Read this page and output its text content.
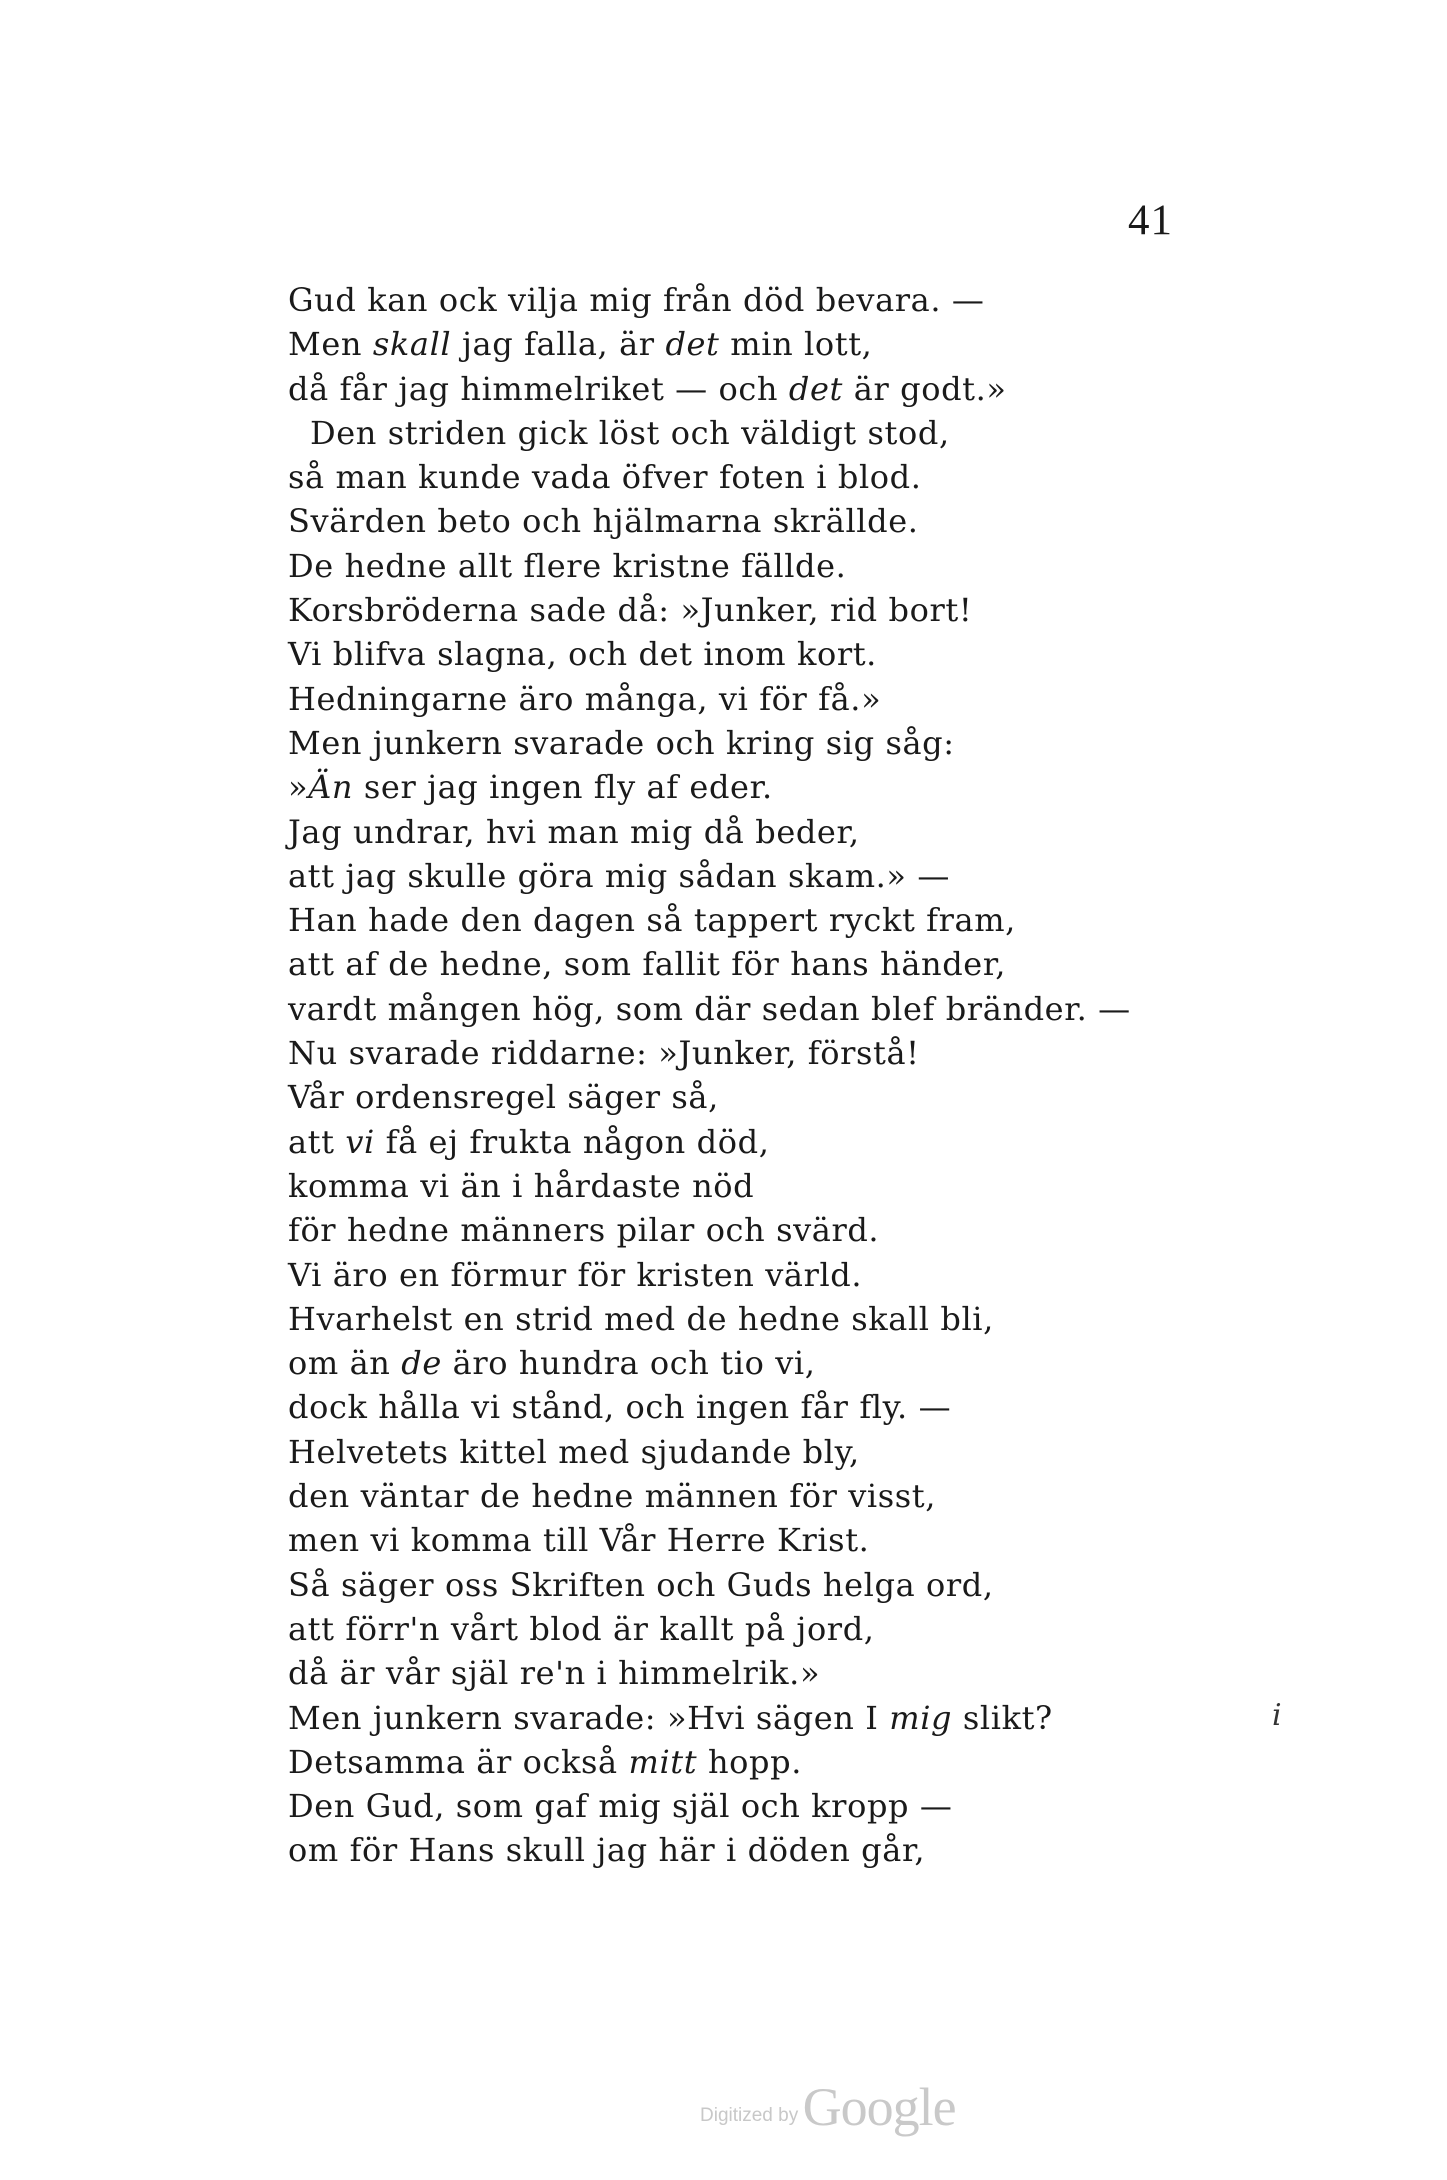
41
Gud kan ock vilja mig från död bevara. —
Men skall jag falla, är det min lott,
då får jag himmelriket — och det är godt.»
Den striden gick löst och väldigt stod,
så man kunde vada öfver foten i blod.
Svärden beto och hjälmarna skrällde.
De hedne allt flere kristne fällde.
Korsbröderna sade då: »Junker, rid bort!
Vi blifva slagna, och det inom kort.
Hedningarne äro många, vi för få.»
Men junkern svarade och kring sig såg:
»Än ser jag ingen fly af eder.
Jag undrar, hvi man mig då beder,
att jag skulle göra mig sådan skam.» —
Han hade den dagen så tappert ryckt fram,
att af de hedne, som fallit för hans händer,
vardt mången hög, som där sedan blef bränder. —
Nu svarade riddarne: »Junker, förstå!
Vår ordensregel säger så,
att vi få ej frukta någon död,
komma vi än i hårdaste nöd
för hedne männers pilar och svärd.
Vi äro en förmur för kristen värld.
Hvarhelst en strid med de hedne skall bli,
om än de äro hundra och tio vi,
dock hålla vi stånd, och ingen får fly. —
Helvetets kittel med sjudande bly,
den väntar de hedne männen för visst,
men vi komma till Vår Herre Krist.
Så säger oss Skriften och Guds helga ord,
att förr'n vårt blod är kallt på jord,
då är vår själ re'n i himmelrik.»
Men junkern svarade: »Hvi sägen I mig slikt?
Detsamma är också mitt hopp.
Den Gud, som gaf mig själ och kropp —
om för Hans skull jag här i döden går,
i
Digitized by Google
